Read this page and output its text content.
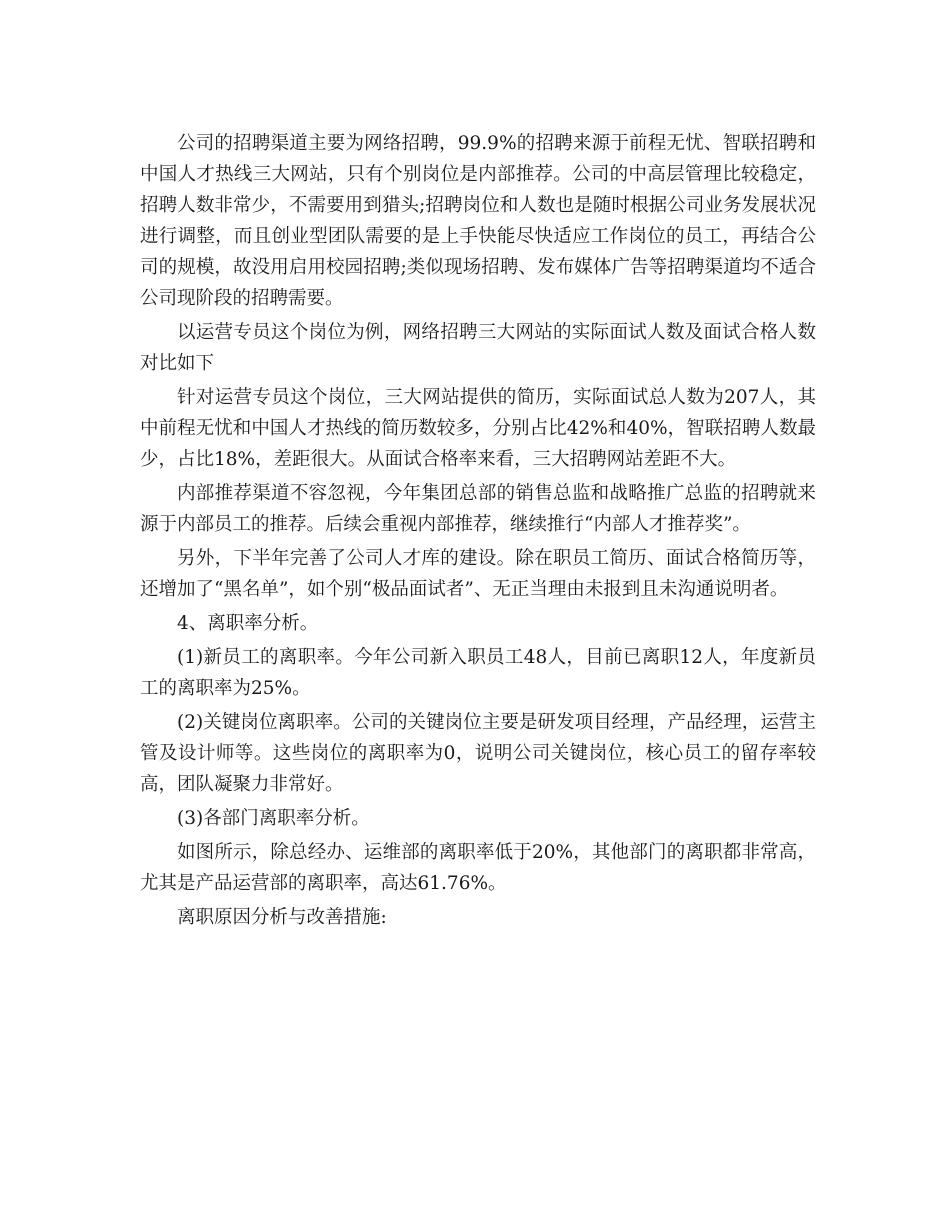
公司的招聘渠道主要为网络招聘，99.9%的招聘来源于前程无忧、智联招聘和中国人才热线三大网站，只有个别岗位是内部推荐。公司的中高层管理比较稳定，招聘人数非常少，不需要用到猎头;招聘岗位和人数也是随时根据公司业务发展状况进行调整，而且创业型团队需要的是上手快能尽快适应工作岗位的员工，再结合公司的规模，故没用启用校园招聘;类似现场招聘、发布媒体广告等招聘渠道均不适合公司现阶段的招聘需要。

以运营专员这个岗位为例，网络招聘三大网站的实际面试人数及面试合格人数对比如下

针对运营专员这个岗位，三大网站提供的简历，实际面试总人数为207人，其中前程无忧和中国人才热线的简历数较多，分别占比42%和40%，智联招聘人数最少，占比18%，差距很大。从面试合格率来看，三大招聘网站差距不大。

内部推荐渠道不容忽视，今年集团总部的销售总监和战略推广总监的招聘就来源于内部员工的推荐。后续会重视内部推荐，继续推行“内部人才推荐奖”。

另外，下半年完善了公司人才库的建设。除在职员工简历、面试合格简历等，还增加了“黑名单”，如个别“极品面试者”、无正当理由未报到且未沟通说明者。

4、离职率分析。

(1)新员工的离职率。今年公司新入职员工48人，目前已离职12人，年度新员工的离职率为25%。

(2)关键岗位离职率。公司的关键岗位主要是研发项目经理，产品经理，运营主管及设计师等。这些岗位的离职率为0，说明公司关键岗位，核心员工的留存率较高，团队凝聚力非常好。

(3)各部门离职率分析。

如图所示，除总经办、运维部的离职率低于20%，其他部门的离职都非常高，尤其是产品运营部的离职率，高达61.76%。

离职原因分析与改善措施:
